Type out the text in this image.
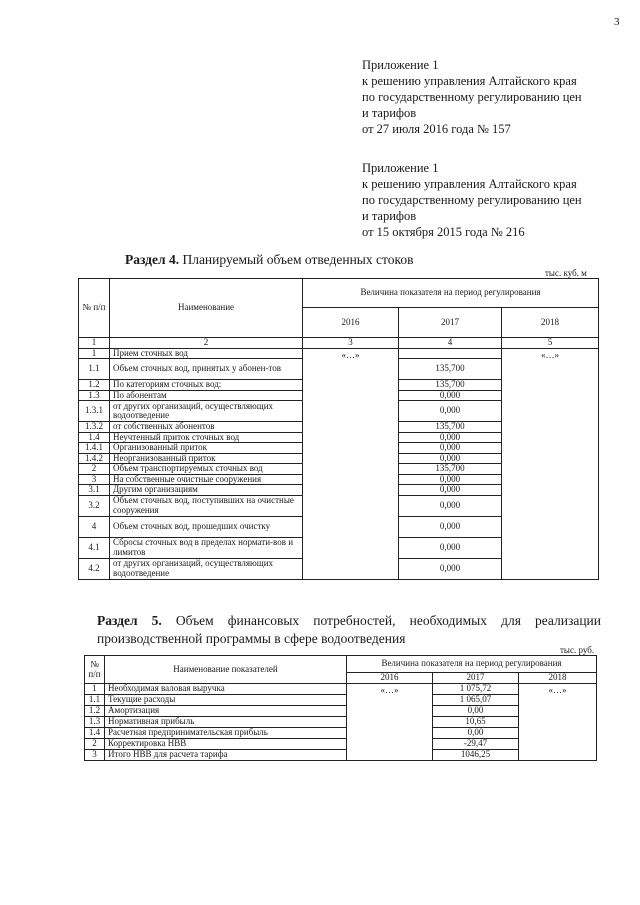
3
Приложение 1
к решению управления Алтайского края
по государственному регулированию цен
и тарифов
от 27 июля 2016 года № 157
Приложение 1
к решению управления Алтайского края
по государственному регулированию цен
и тарифов
от 15 октября 2015 года № 216
Раздел 4. Планируемый объем отведенных стоков
тыс. куб. м
№ п/п	Наименование	Величина показателя на период регулирования		
		2016	2017	2018
1	2	3	4	5
1	Прием сточных вод	«…»		«…»
1.1	Объем сточных вод, принятых у абонен-тов		135,700	
1.2	По категориям сточных вод:		135,700	
1.3	По абонентам		0,000	
1.3.1	от других организаций, осуществляющих водоотведение		0,000	
1.3.2	от собственных абонентов		135,700	
1.4	Неучтенный приток сточных вод		0,000	
1.4.1	Организованный приток		0,000	
1.4.2	Неорганизованный приток		0,000	
2	Объем транспортируемых сточных вод		135,700	
3	На собственные очистные сооружения		0,000	
3.1	Другим организациям		0,000	
3.2	Объем сточных вод, поступивших на очистные сооружения		0,000	
4	Объем сточных вод, прошедших очистку		0,000	
4.1	Сбросы сточных вод в пределах нормати-вов и лимитов		0,000	
4.2	от других организаций, осуществляющих водоотведение		0,000	
Раздел 5. Объем финансовых потребностей, необходимых для реализации производственной программы в сфере водоотведения
тыс. руб.
№ п/п	Наименование показателей	Величина показателя на период регулирования		
		2016	2017	2018
1	Необходимая валовая выручка	«…»	1 075,72	«…»
1.1	Текущие расходы		1 065,07	
1.2	Амортизация		0,00	
1.3	Нормативная прибыль		10,65	
1.4	Расчетная предпринимательская прибыль		0,00	
2	Корректировка НВВ		-29,47	
3	Итого НВВ для расчета тарифа		1046,25	
